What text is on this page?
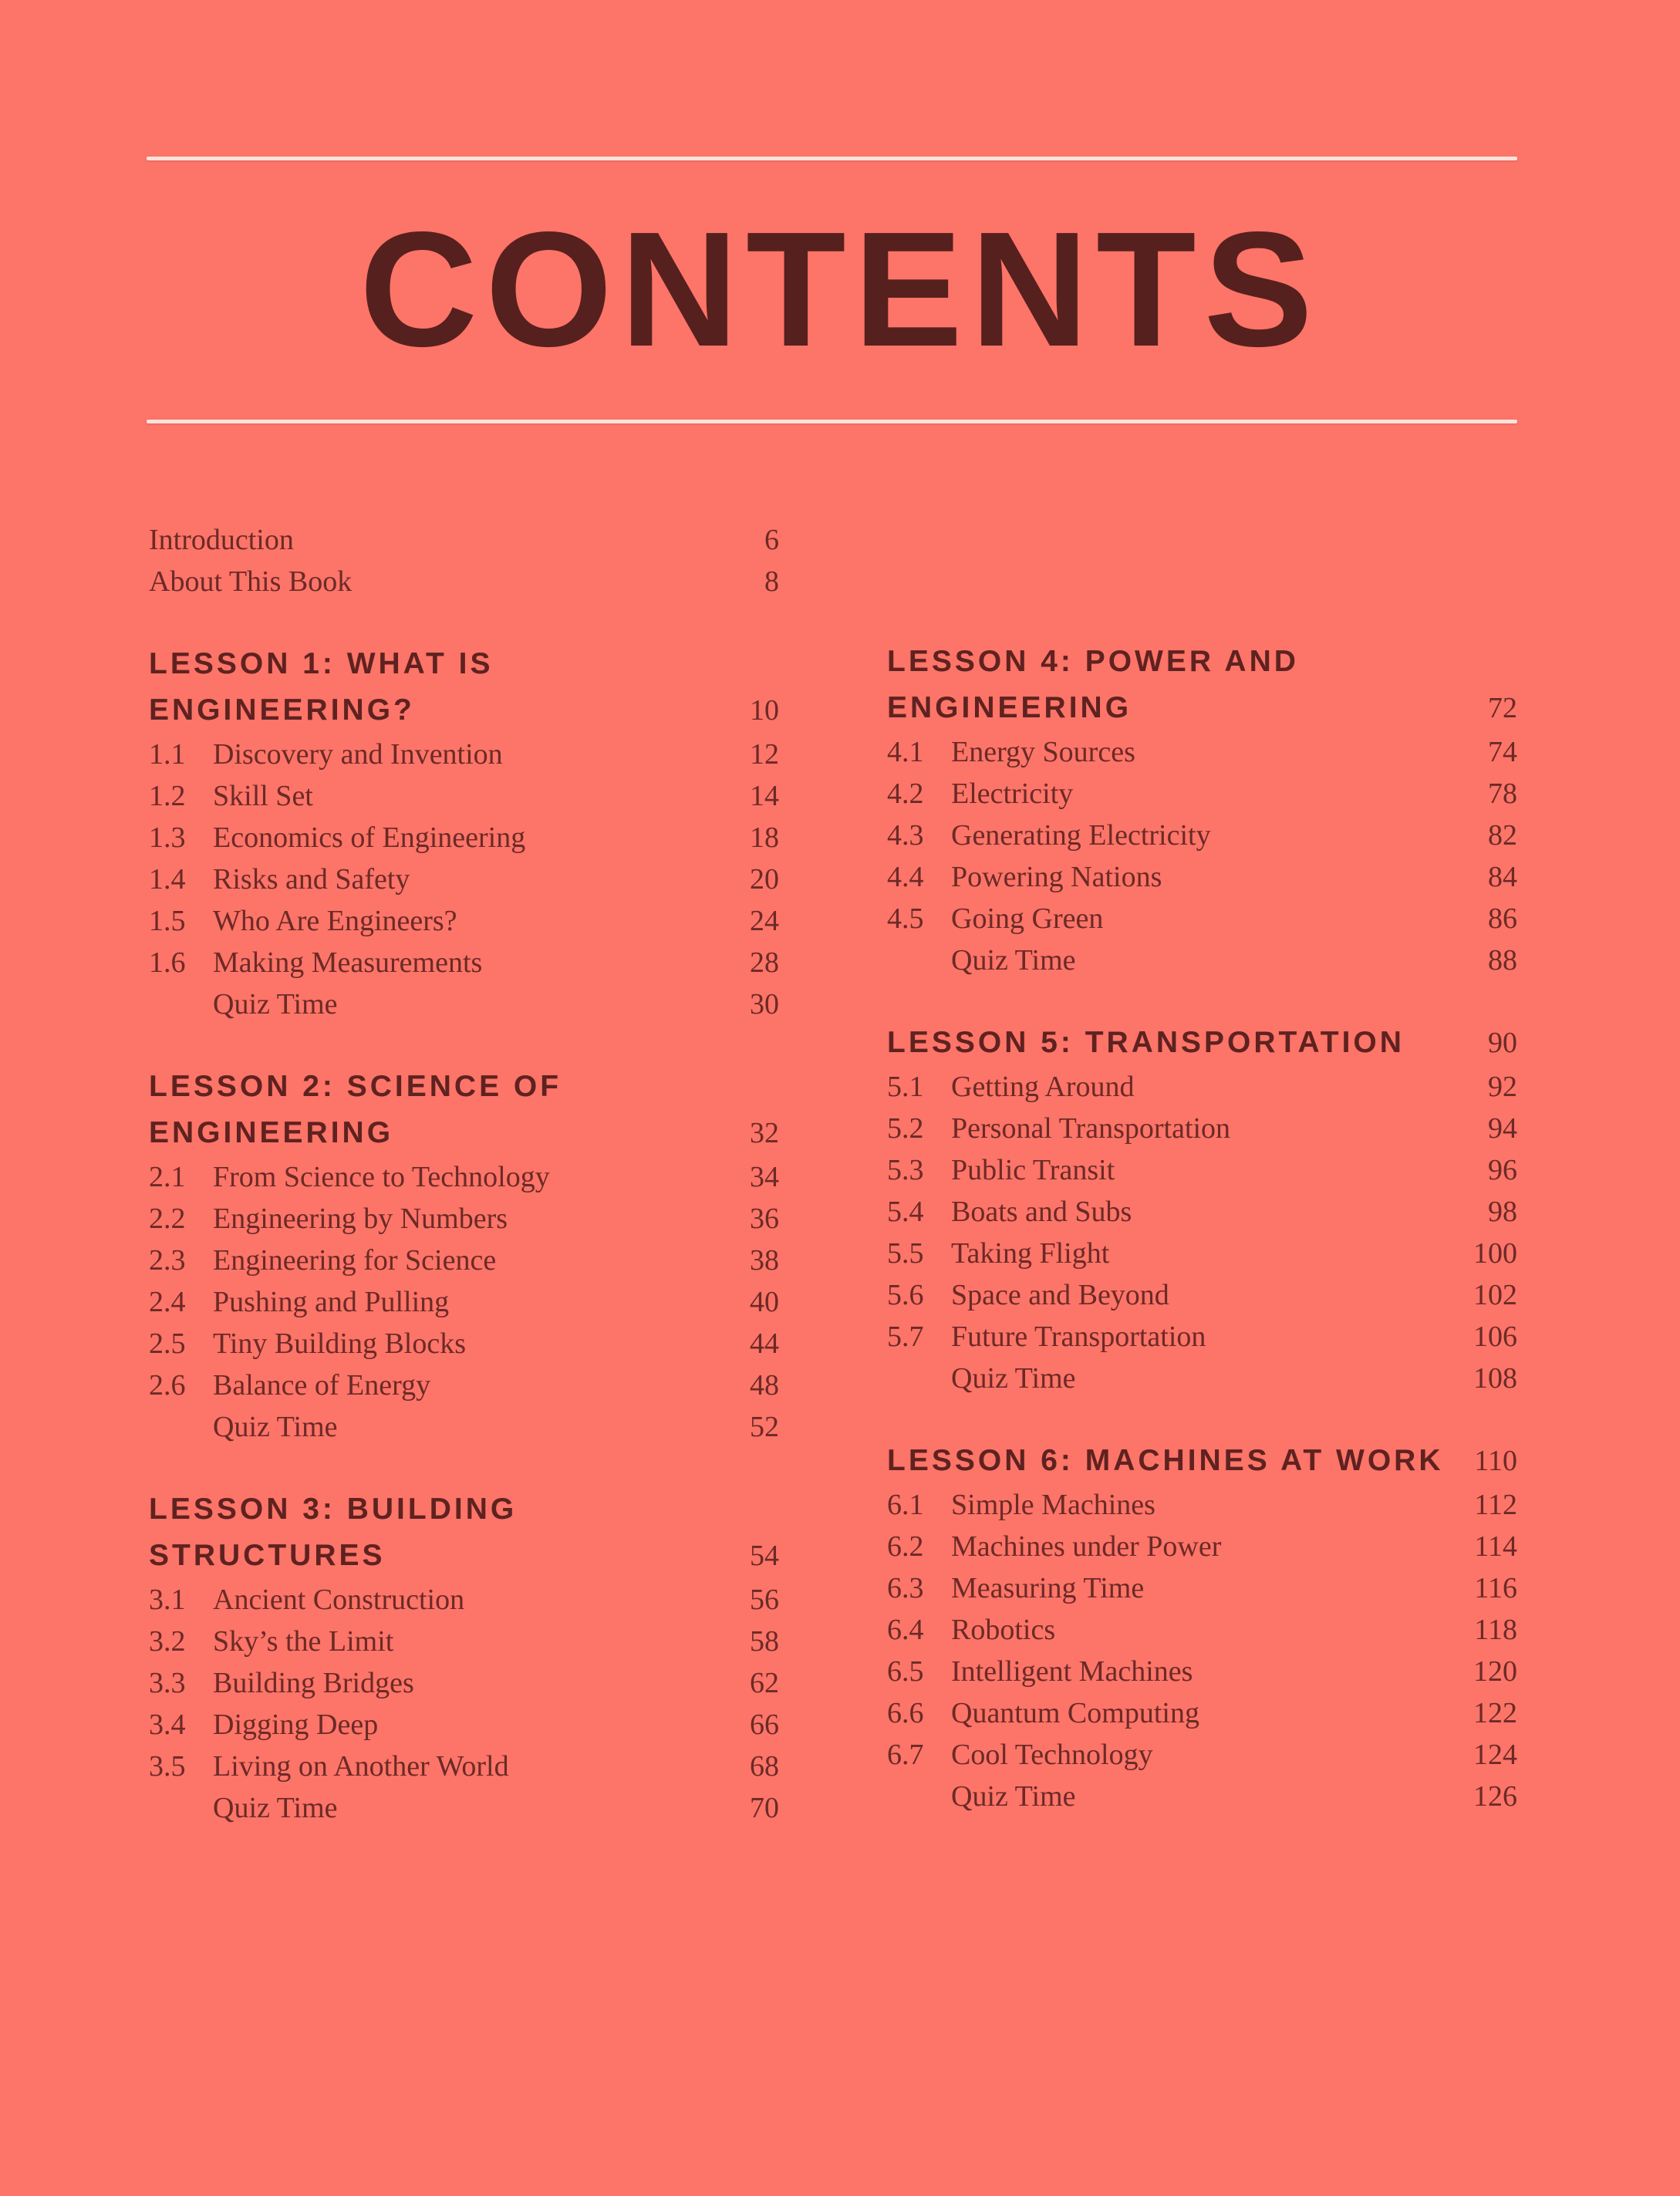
CONTENTS
Introduction	6
About This Book	8
LESSON 1: WHAT IS
ENGINEERING?	10
1.1 Discovery and Invention	12
1.2 Skill Set	14
1.3 Economics of Engineering	18
1.4 Risks and Safety	20
1.5 Who Are Engineers?	24
1.6 Making Measurements	28
Quiz Time	30
LESSON 2: SCIENCE OF
ENGINEERING	32
2.1 From Science to Technology	34
2.2 Engineering by Numbers	36
2.3 Engineering for Science	38
2.4 Pushing and Pulling	40
2.5 Tiny Building Blocks	44
2.6 Balance of Energy	48
Quiz Time	52
LESSON 3: BUILDING
STRUCTURES	54
3.1 Ancient Construction	56
3.2 Sky’s the Limit	58
3.3 Building Bridges	62
3.4 Digging Deep	66
3.5 Living on Another World	68
Quiz Time	70
LESSON 4: POWER AND
ENGINEERING	72
4.1 Energy Sources	74
4.2 Electricity	78
4.3 Generating Electricity	82
4.4 Powering Nations	84
4.5 Going Green	86
Quiz Time	88
LESSON 5: TRANSPORTATION	90
5.1 Getting Around	92
5.2 Personal Transportation	94
5.3 Public Transit	96
5.4 Boats and Subs	98
5.5 Taking Flight	100
5.6 Space and Beyond	102
5.7 Future Transportation	106
Quiz Time	108
LESSON 6: MACHINES AT WORK	110
6.1 Simple Machines	112
6.2 Machines under Power	114
6.3 Measuring Time	116
6.4 Robotics	118
6.5 Intelligent Machines	120
6.6 Quantum Computing	122
6.7 Cool Technology	124
Quiz Time	126
